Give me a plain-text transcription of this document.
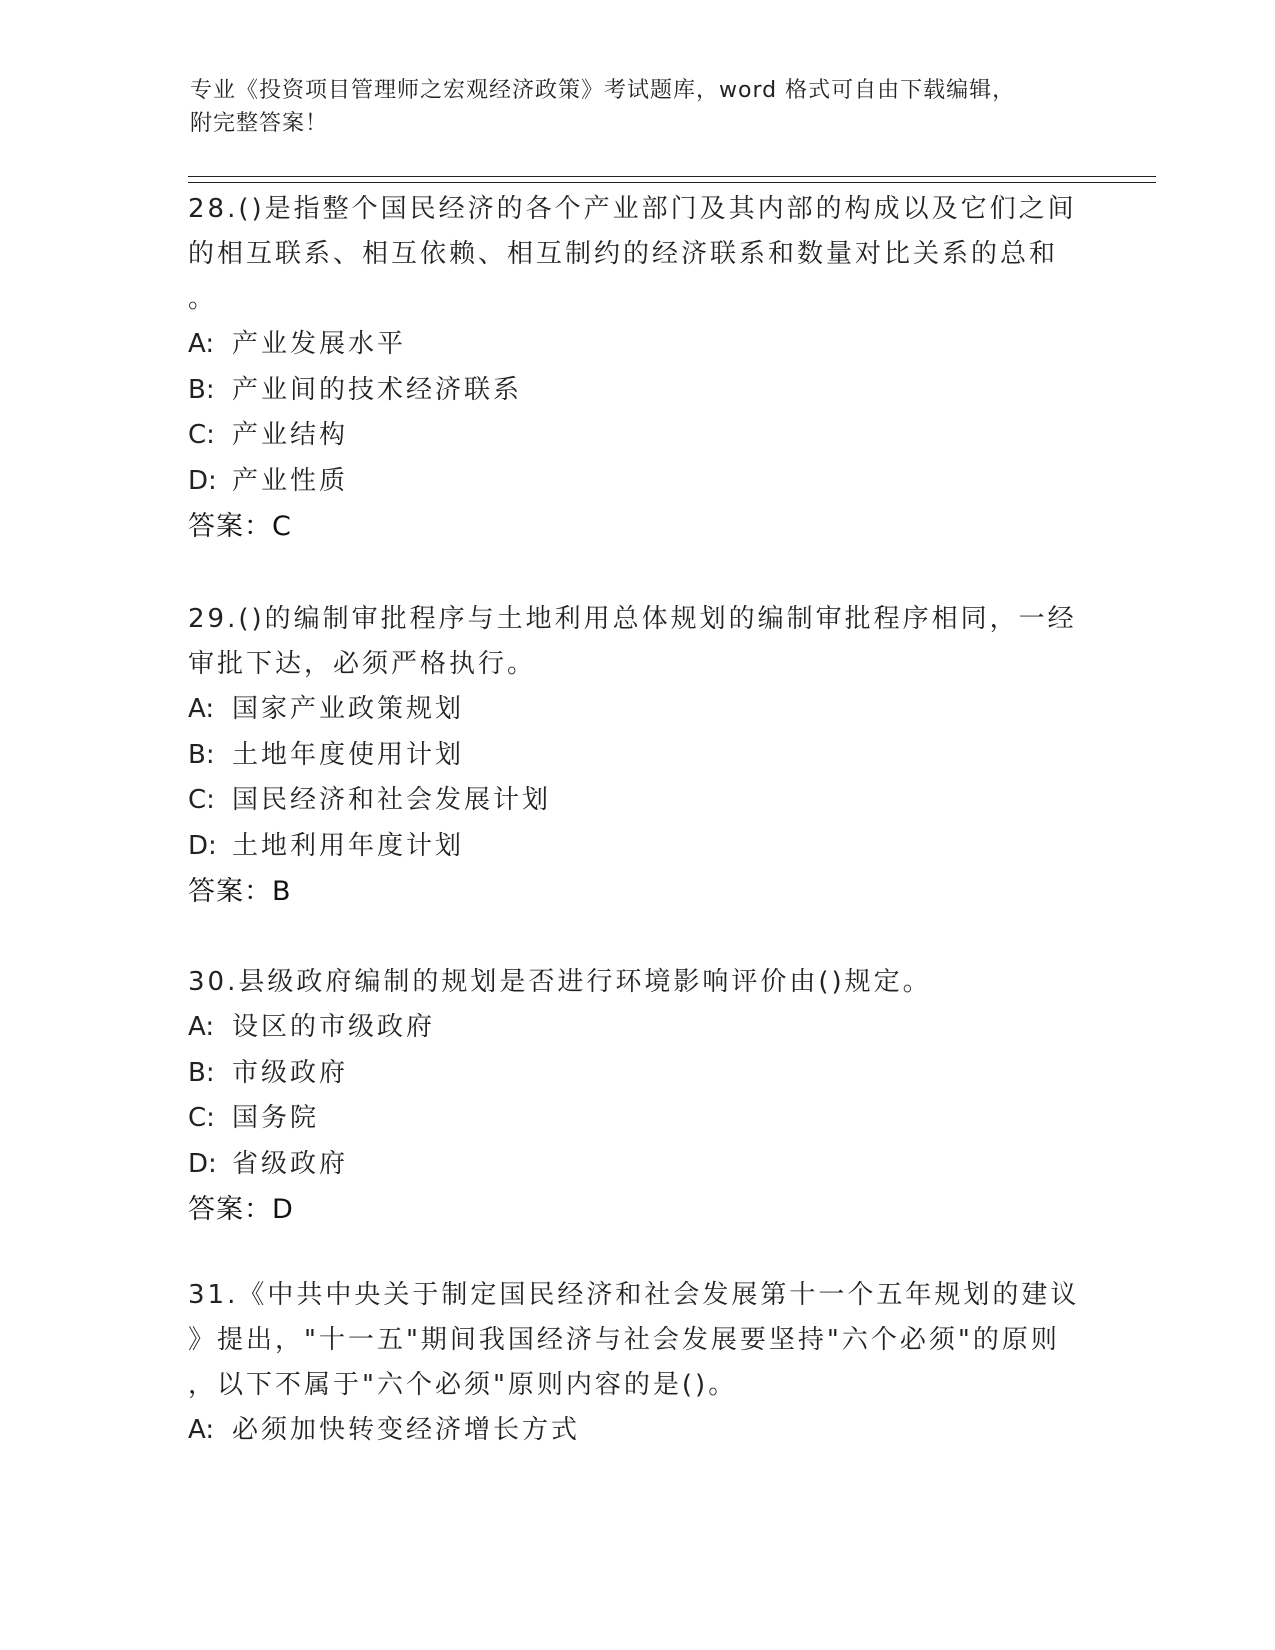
专业《投资项目管理师之宏观经济政策》考试题库，word 格式可自由下载编辑，
附完整答案！

28.()是指整个国民经济的各个产业部门及其内部的构成以及它们之间

的相互联系、相互依赖、相互制约的经济联系和数量对比关系的总和

。

A: 产业发展水平

B: 产业间的技术经济联系

C: 产业结构

D: 产业性质

答案：C

29.()的编制审批程序与土地利用总体规划的编制审批程序相同，一经

审批下达，必须严格执行。

A: 国家产业政策规划

B: 土地年度使用计划

C: 国民经济和社会发展计划

D: 土地利用年度计划

答案：B

30.县级政府编制的规划是否进行环境影响评价由()规定。

A: 设区的市级政府

B: 市级政府

C: 国务院

D: 省级政府

答案：D

31.《中共中央关于制定国民经济和社会发展第十一个五年规划的建议

》提出，"十一五"期间我国经济与社会发展要坚持"六个必须"的原则

，以下不属于"六个必须"原则内容的是()。

A: 必须加快转变经济增长方式
